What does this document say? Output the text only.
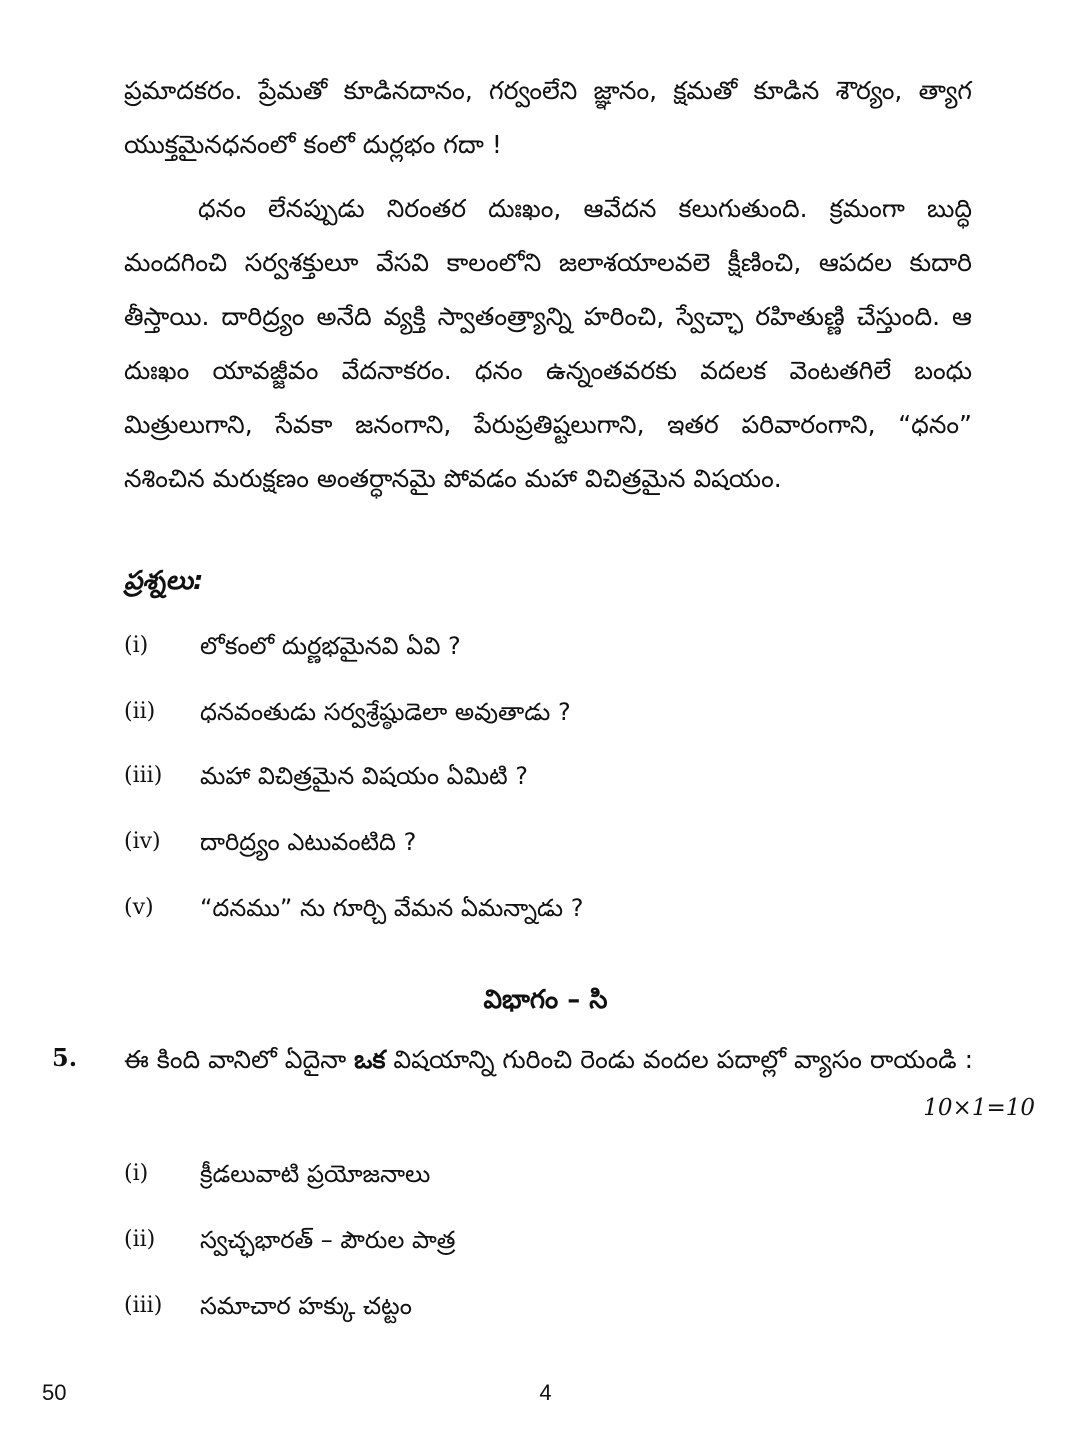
ప్రమాదకరం. ప్రేమతో కూడినదానం, గర్వంలేని జ్ఞానం, క్షమతో కూడిన శౌర్యం, త్యాగ యుక్తమైనధనంలో కంలో దుర్లభం గదా !

ధనం లేనప్పుడు నిరంతర దుఃఖం, ఆవేదన కలుగుతుంది. క్రమంగా బుద్ధి మందగించి సర్వశక్తులూ వేసవి కాలంలోని జలాశయాలవలె క్షీణించి, ఆపదల కుదారి తీస్తాయి. దారిద్ర్యం అనేది వ్యక్తి స్వాతంత్ర్యాన్ని హరించి, స్వేచ్ఛా రహితుణ్ణి చేస్తుంది. ఆ దుఃఖం యావజ్జీవం వేదనాకరం. ధనం ఉన్నంతవరకు వదలక వెంటతగిలే బంధు మిత్రులుగాని, సేవకా జనంగాని, పేరుప్రతిష్టలుగాని, ఇతర పరివారంగాని, “ధనం” నశించిన మరుక్షణం అంతర్ధానమై పోవడం మహా విచిత్రమైన విషయం.

ప్రశ్నలు:

(i) లోకంలో దుర్ణభమైనవి ఏవి ?
(ii) ధనవంతుడు సర్వశ్రేష్ఠుడెలా అవుతాడు ?
(iii) మహా విచిత్రమైన విషయం ఏమిటి ?
(iv) దారిద్ర్యం ఎటువంటిది ?
(v) “దనము” ను గూర్చి వేమన ఏమన్నాడు ?

విభాగం – సి

5. ఈ కింది వానిలో ఏదైనా ఒక విషయాన్ని గురించి రెండు వందల పదాల్లో వ్యాసం రాయండి :

10×1=10
(i) క్రీడలువాటి ప్రయోజనాలు
(ii) స్వచ్ఛభారత్ – పౌరుల పాత్ర
(iii) సమాచార హక్కు చట్టం
50	4
